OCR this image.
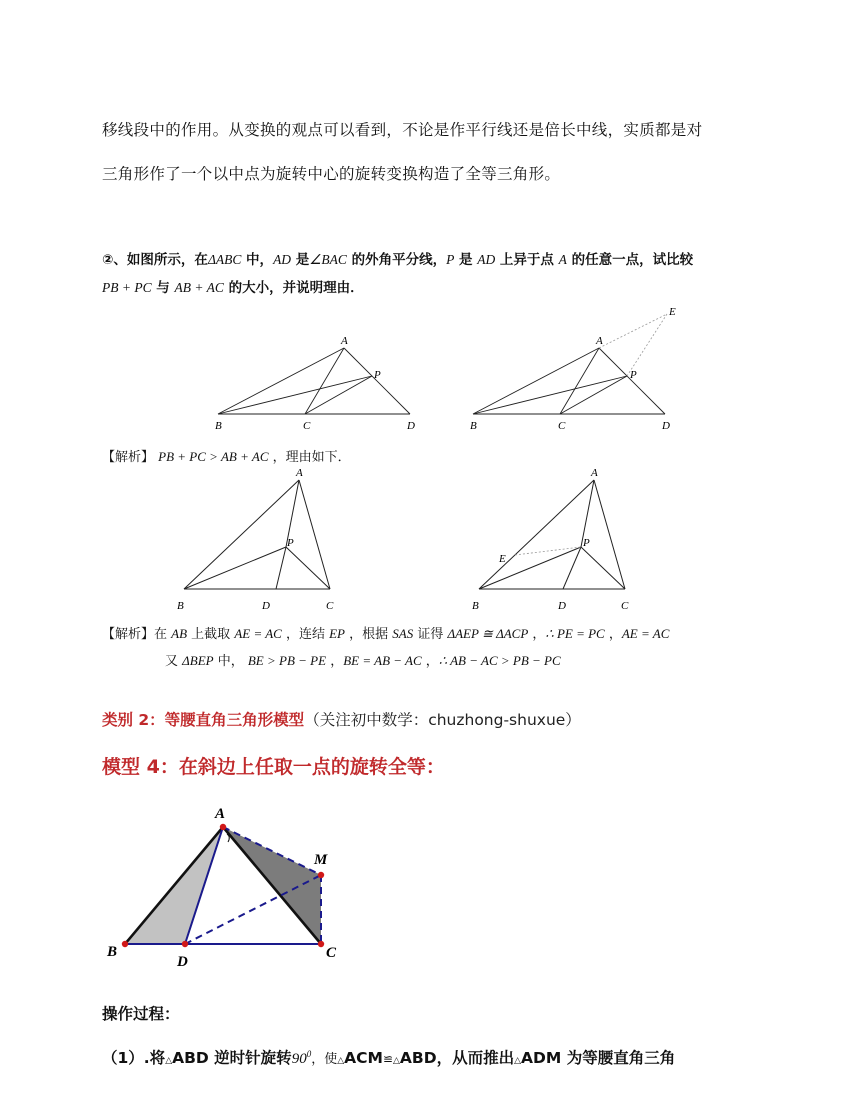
移线段中的作用。从变换的观点可以看到，不论是作平行线还是倍长中线，实质都是对
三角形作了一个以中点为旋转中心的旋转变换构造了全等三角形。
②、如图所示，在ΔABC 中，AD 是∠BAC 的外角平分线，P 是 AD 上异于点 A 的任意一点，试比较
PB + PC 与 AB + AC 的大小，并说明理由．
A
P
B	C	D
E
A
P
B	C	D
【解析】 PB + PC > AB + AC ，理由如下．
A
P
B	D	C
A
P
E
B	D	C
【解析】在 AB 上截取 AE = AC ，连结 EP ，根据 SAS 证得 ΔAEP ≅ ΔACP ，∴ PE = PC ，AE = AC
又 ΔBEP 中， BE > PB − PE ，BE = AB − AC ，∴ AB − AC > PB − PC
类别 2：等腰直角三角形模型（关注初中数学：chuzhong-shuxue）
模型 4：在斜边上任取一点的旋转全等：
A
M
B
D
C
操作过程：
（1）.将△ABD 逆时针旋转$90^0$，使△ACM≌△ABD，从而推出△ADM 为等腰直角三角
